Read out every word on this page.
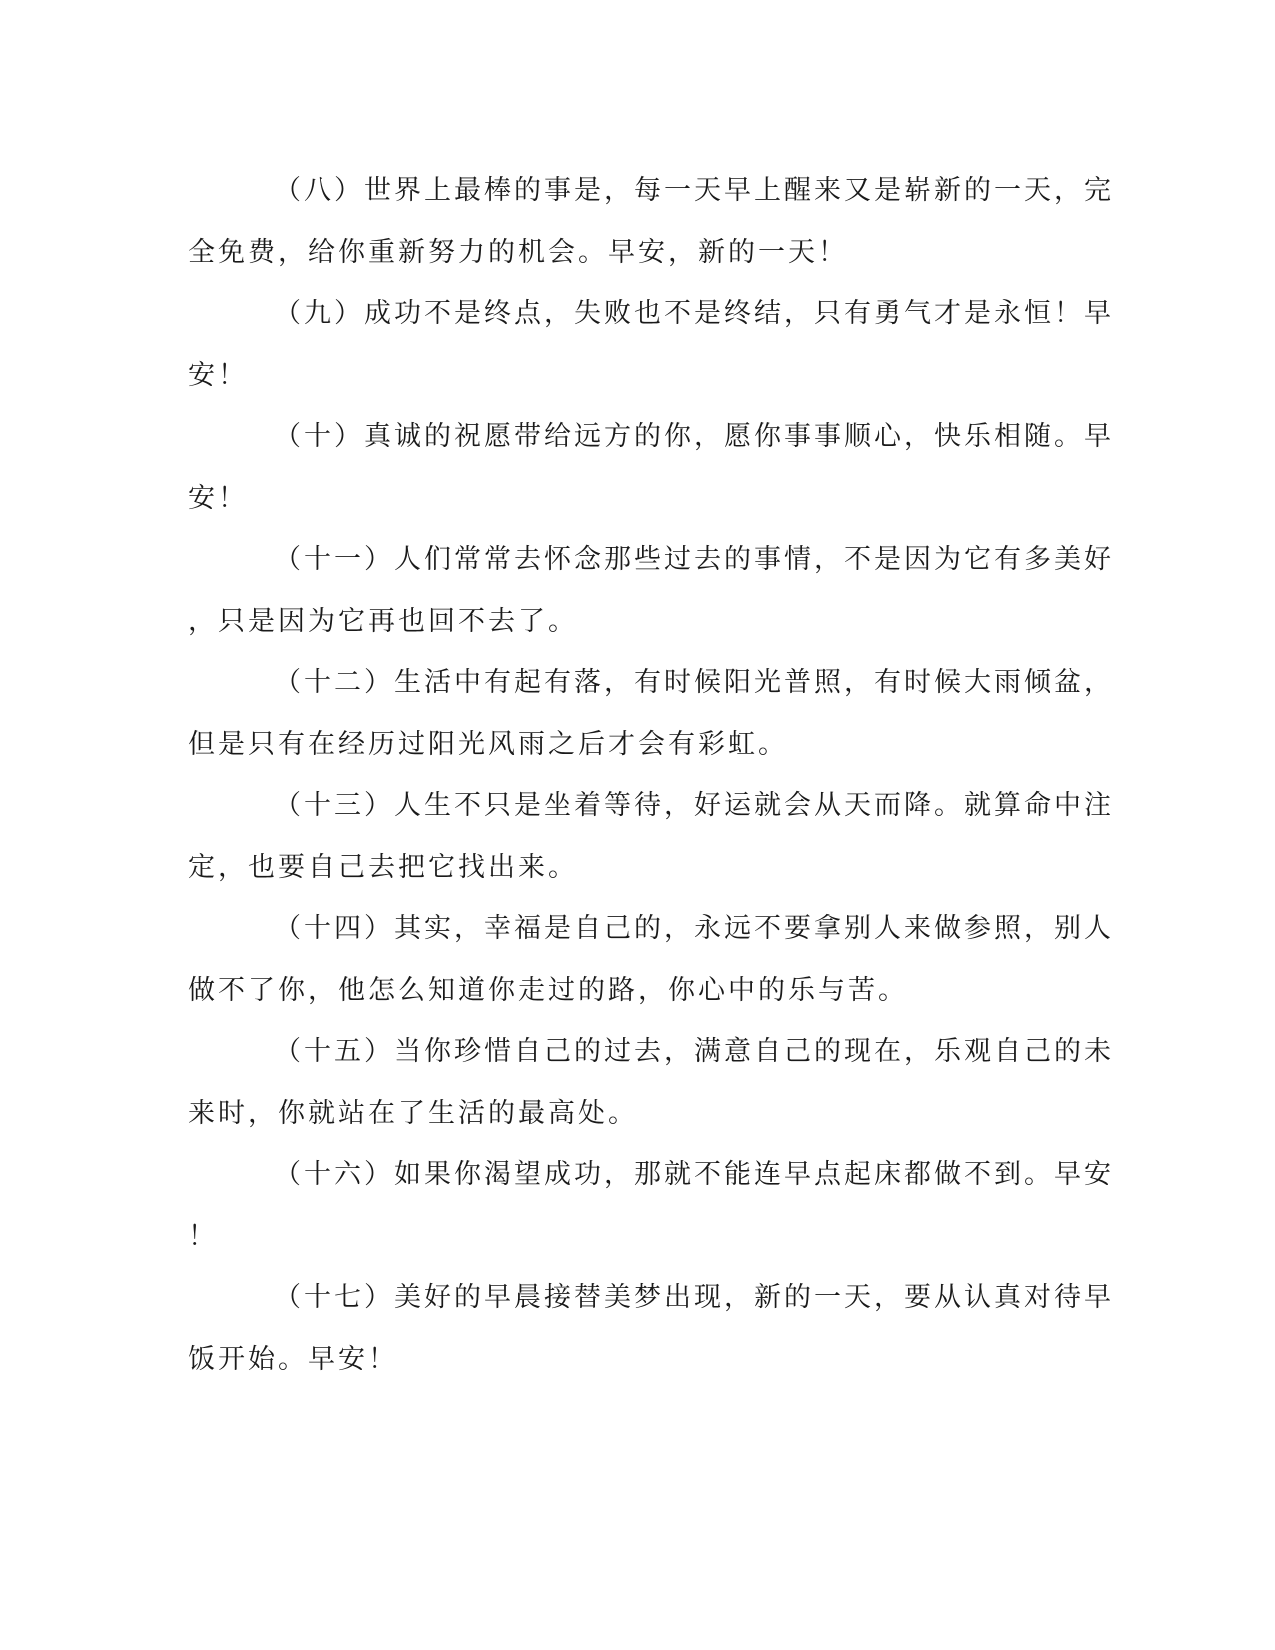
（八）世界上最棒的事是，每一天早上醒来又是崭新的一天，完
全免费，给你重新努力的机会。早安，新的一天！

（九）成功不是终点，失败也不是终结，只有勇气才是永恒！早
安！

（十）真诚的祝愿带给远方的你，愿你事事顺心，快乐相随。早
安！

（十一）人们常常去怀念那些过去的事情，不是因为它有多美好
，只是因为它再也回不去了。

（十二）生活中有起有落，有时候阳光普照，有时候大雨倾盆，
但是只有在经历过阳光风雨之后才会有彩虹。

（十三）人生不只是坐着等待，好运就会从天而降。就算命中注
定，也要自己去把它找出来。

（十四）其实，幸福是自己的，永远不要拿别人来做参照，别人
做不了你，他怎么知道你走过的路，你心中的乐与苦。

（十五）当你珍惜自己的过去，满意自己的现在，乐观自己的未
来时，你就站在了生活的最高处。

（十六）如果你渴望成功，那就不能连早点起床都做不到。早安
！

（十七）美好的早晨接替美梦出现，新的一天，要从认真对待早
饭开始。早安！
